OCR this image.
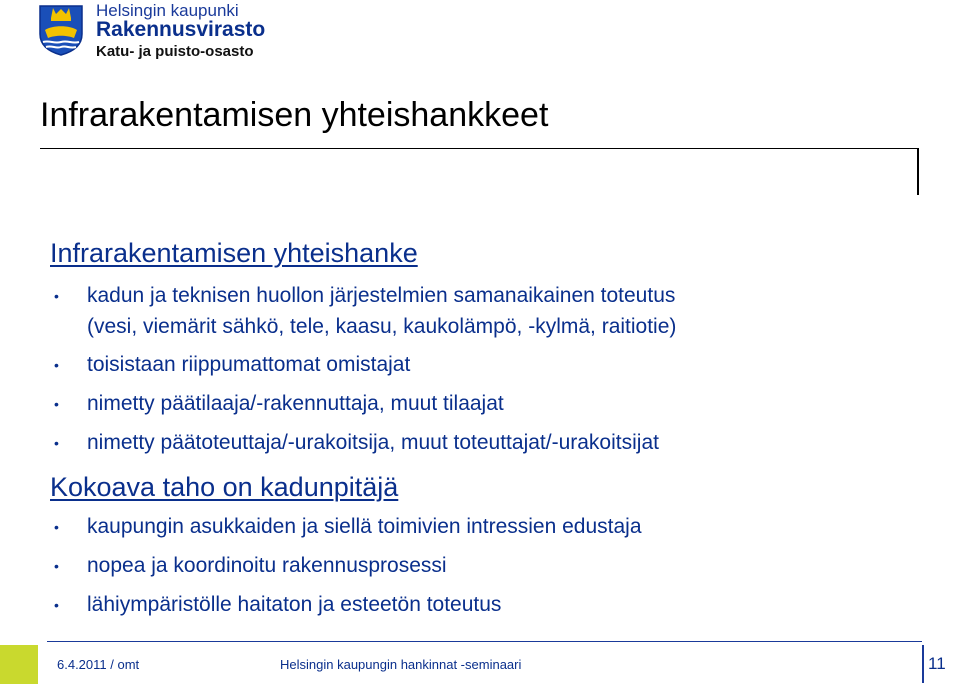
Helsingin kaupunki
Rakennusvirasto
Katu- ja puisto-osasto
Infrarakentamisen yhteishankkeet
Infrarakentamisen yhteishanke
• kadun ja teknisen huollon järjestelmien samanaikainen toteutus
(vesi, viemärit sähkö, tele, kaasu, kaukolämpö, -kylmä, raitiotie)
• toisistaan riippumattomat omistajat
• nimetty päätilaaja/-rakennuttaja, muut tilaajat
• nimetty päätoteuttaja/-urakoitsija, muut toteuttajat/-urakoitsijat
Kokoava taho on kadunpitäjä
• kaupungin asukkaiden ja siellä toimivien intressien edustaja
• nopea ja koordinoitu rakennusprosessi
• lähiympäristölle haitaton ja esteetön toteutus
6.4.2011 / omt	Helsingin kaupungin hankinnat -seminaari	11
